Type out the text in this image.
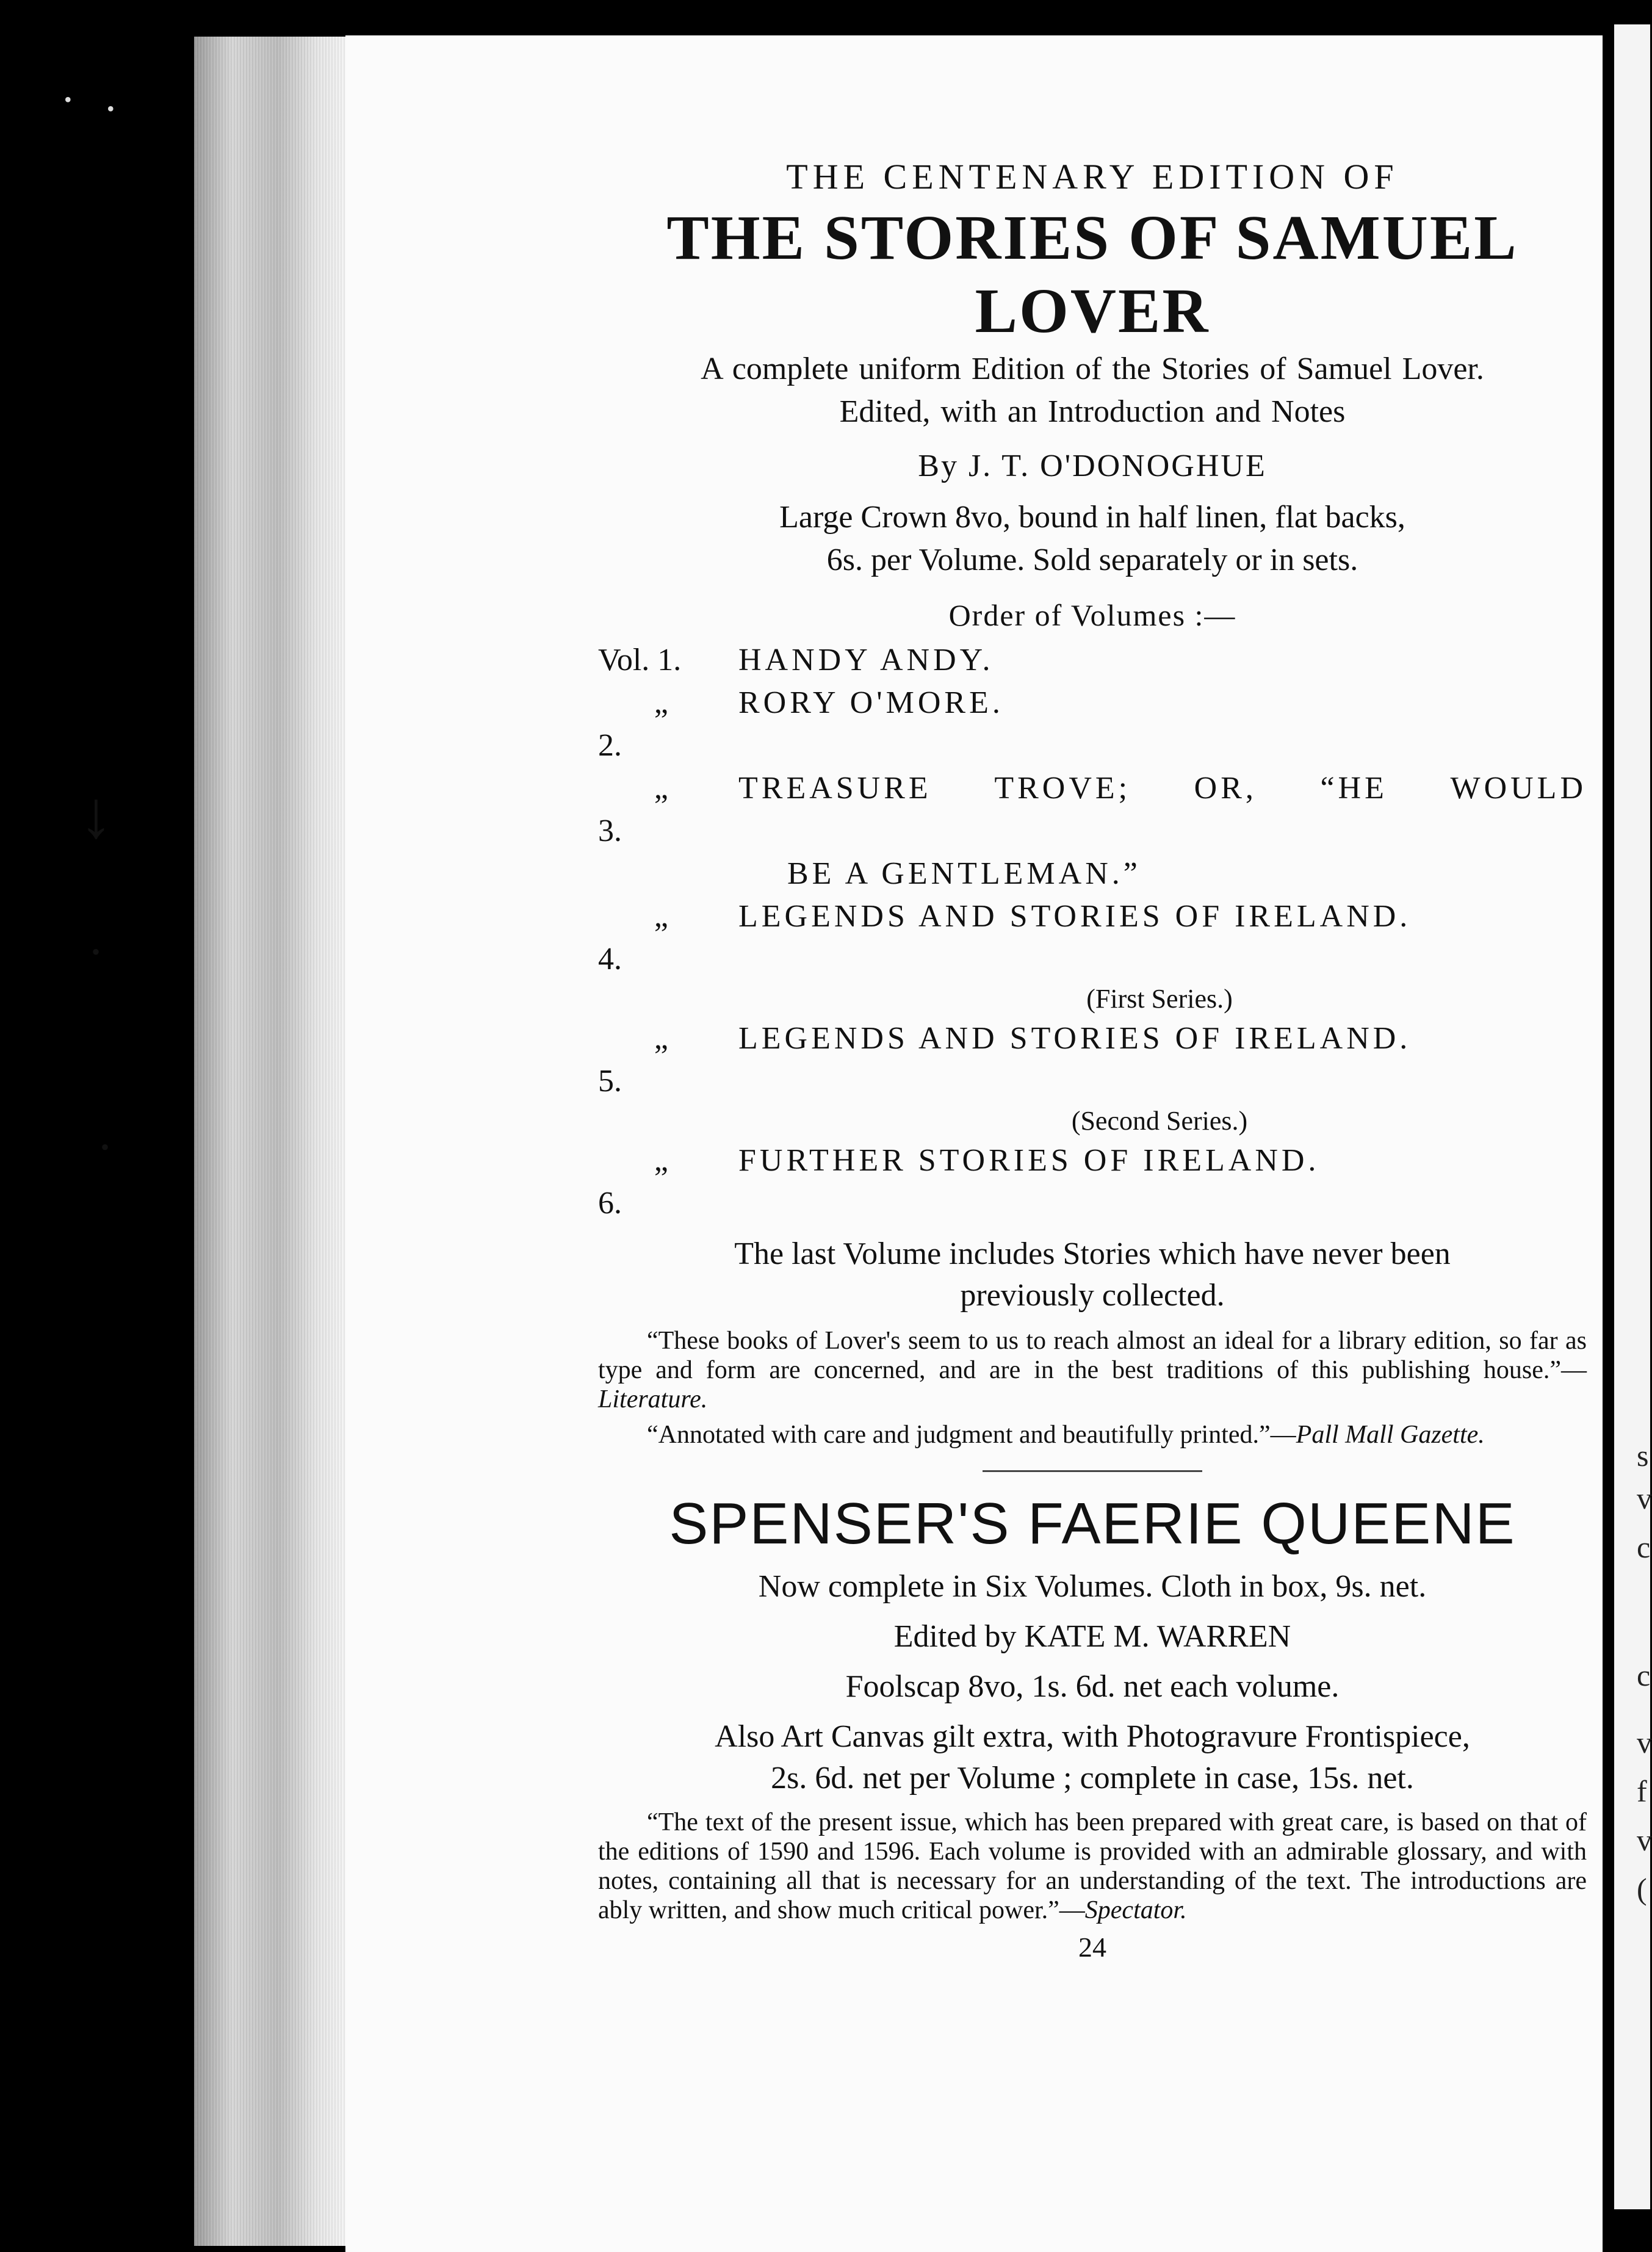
THE CENTENARY EDITION OF

THE STORIES OF SAMUEL

LOVER

A complete uniform Edition of the Stories of Samuel Lover.

Edited, with an Introduction and Notes

By J. T. O'DONOGHUE

Large Crown 8vo, bound in half linen, flat backs,

6s. per Volume. Sold separately or in sets.

Order of Volumes :—

Vol. 1.	HANDY ANDY.
„ 2.
RORY O'MORE.
„ 3.
TREASURE TROVE; OR, “HE WOULD
BE A GENTLEMAN.”
„ 4.
LEGENDS AND STORIES OF IRELAND.
(First Series.)
„ 5.
LEGENDS AND STORIES OF IRELAND.
(Second Series.)
„ 6.
FURTHER STORIES OF IRELAND.

The last Volume includes Stories which have never been
previously collected.

“These books of Lover's seem to us to reach almost an ideal for a library edition, so far as type and form are concerned, and are in the best traditions of this publishing house.”—Literature.

“Annotated with care and judgment and beautifully printed.”—Pall Mall Gazette.

SPENSER'S FAERIE QUEENE

Now complete in Six Volumes. Cloth in box, 9s. net.

Edited by KATE M. WARREN

Foolscap 8vo, 1s. 6d. net each volume.

Also Art Canvas gilt extra, with Photogravure Frontispiece,

2s. 6d. net per Volume ; complete in case, 15s. net.

“The text of the present issue, which has been prepared with great care, is based on that of the editions of 1590 and 1596. Each volume is provided with an admirable glossary, and with notes, containing all that is necessary for an understanding of the text. The introductions are ably written, and show much critical power.”—Spectator.

24
↓
•
•
• •
s
v
c
c
v
f
v
(
